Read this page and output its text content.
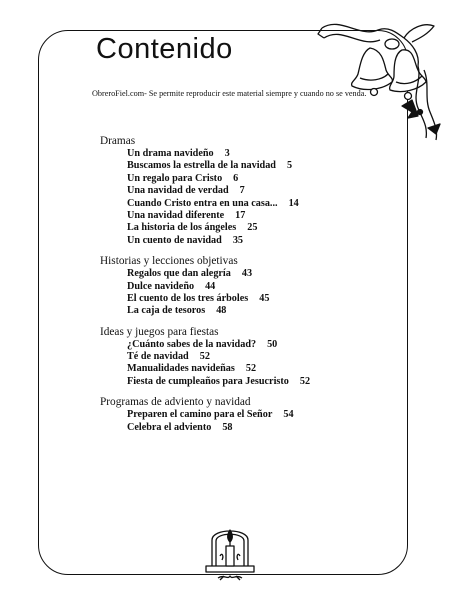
Contenido
ObreroFiel.com- Se permite reproducir este material siempre y cuando no se venda.
Dramas
Un drama navideño 3
Buscamos la estrella de la navidad 5
Un regalo para Cristo 6
Una navidad de verdad 7
Cuando Cristo entra en una casa... 14
Una navidad diferente 17
La historia de los ángeles 25
Un cuento de navidad 35
Historias y lecciones objetivas
Regalos que dan alegría 43
Dulce navideño 44
El cuento de los tres árboles 45
La caja de tesoros 48
Ideas y juegos para fiestas
¿Cuánto sabes de la navidad? 50
Té de navidad 52
Manualidades navideñas 52
Fiesta de cumpleaños para Jesucristo 52
Programas de adviento y navidad
Preparen el camino para el Señor 54
Celebra el adviento 58
